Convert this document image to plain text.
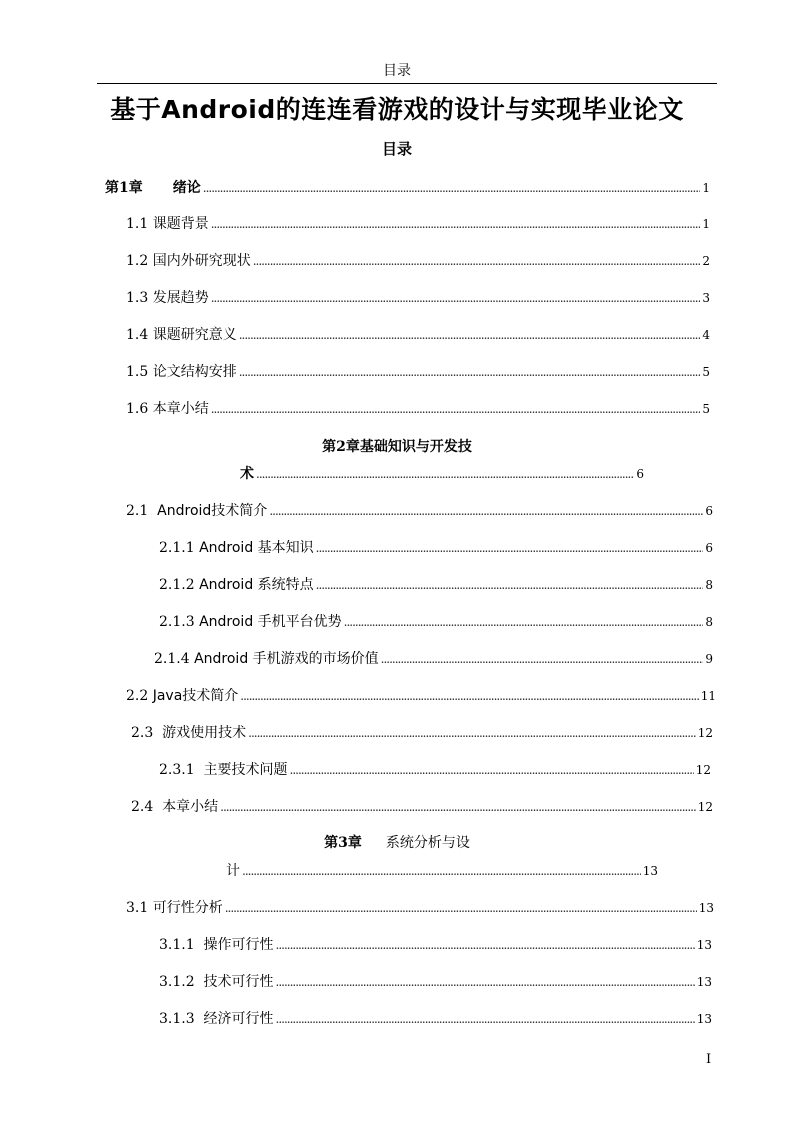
目录
基于Android的连连看游戏的设计与实现毕业论文
目录
第1章 绪论 .....	1
1.1 课题背景 .....	1
1.2 国内外研究现状 .....	2
1.3 发展趋势 .....	3
1.4 课题研究意义 .....	4
1.5 论文结构安排 .....	5
1.6 本章小结 .....	5
第2章基础知识与开发技
术 .....	6
2.1 Android技术简介 .....	6
2.1.1 Android 基本知识 .....	6
2.1.2 Android 系统特点 .....	8
2.1.3 Android 手机平台优势 .....	8
2.1.4 Android 手机游戏的市场价值 .....	9
2.2 Java技术简介 .....	11
2.3 游戏使用技术 .....	12
2.3.1 主要技术问题 .....	12
2.4 本章小结 .....	12
第3章 系统分析与设
计 .....	13
3.1 可行性分析 .....	13
3.1.1 操作可行性 .....	13
3.1.2 技术可行性 .....	13
3.1.3 经济可行性 .....	13
I
